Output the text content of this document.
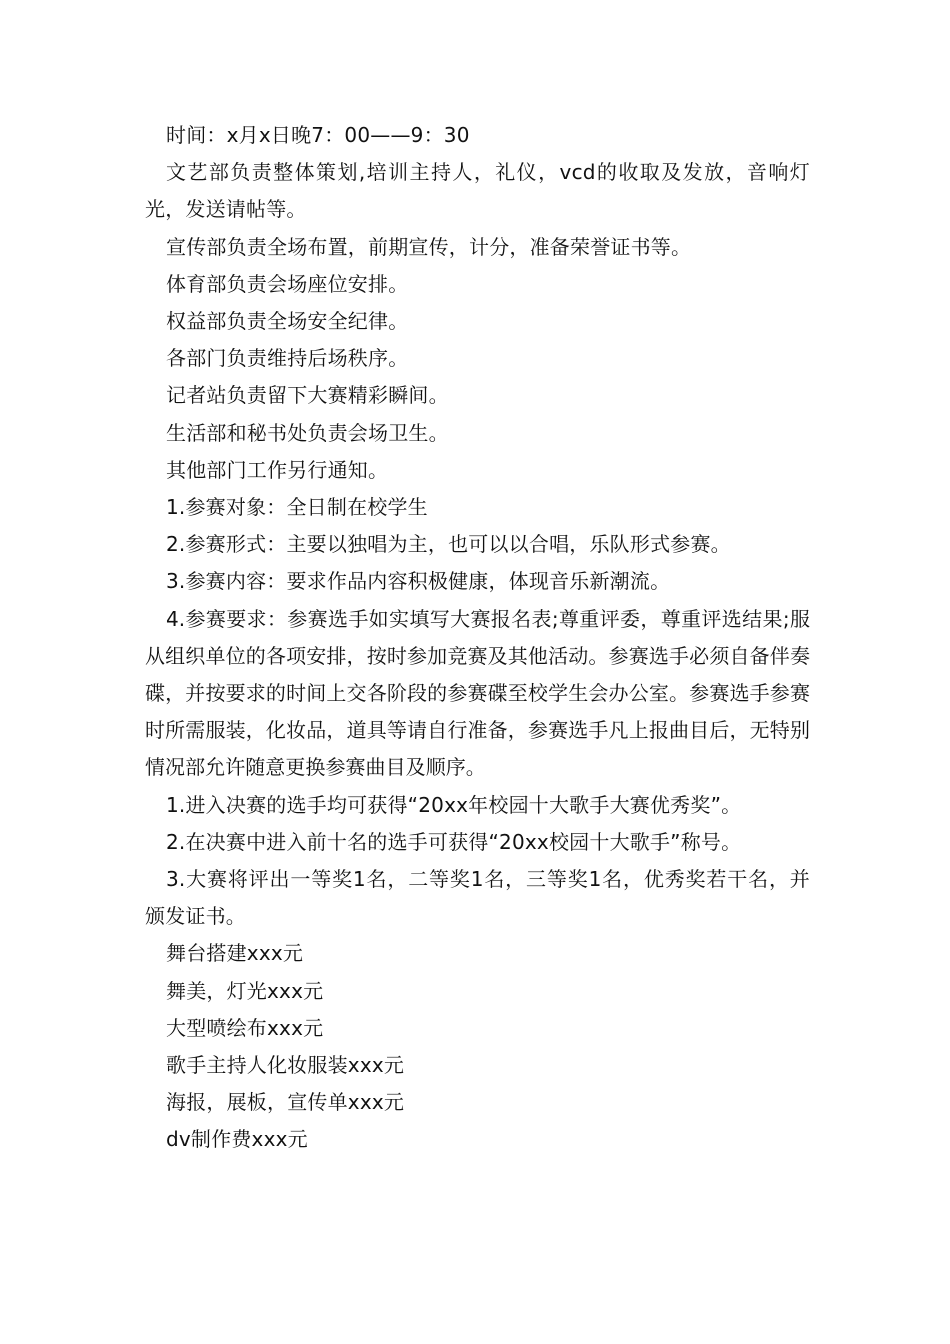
时间：x月x日晚7：00——9：30

文艺部负责整体策划,培训主持人，礼仪，vcd的收取及发放，音响灯光，发送请帖等。

宣传部负责全场布置，前期宣传，计分，准备荣誉证书等。

体育部负责会场座位安排。

权益部负责全场安全纪律。

各部门负责维持后场秩序。

记者站负责留下大赛精彩瞬间。

生活部和秘书处负责会场卫生。

其他部门工作另行通知。

1.参赛对象：全日制在校学生

2.参赛形式：主要以独唱为主，也可以以合唱，乐队形式参赛。

3.参赛内容：要求作品内容积极健康，体现音乐新潮流。

4.参赛要求：参赛选手如实填写大赛报名表;尊重评委，尊重评选结果;服从组织单位的各项安排，按时参加竞赛及其他活动。参赛选手必须自备伴奏碟，并按要求的时间上交各阶段的参赛碟至校学生会办公室。参赛选手参赛时所需服装，化妆品，道具等请自行准备，参赛选手凡上报曲目后，无特别情况部允许随意更换参赛曲目及顺序。

1.进入决赛的选手均可获得“20xx年校园十大歌手大赛优秀奖”。

2.在决赛中进入前十名的选手可获得“20xx校园十大歌手”称号。

3.大赛将评出一等奖1名，二等奖1名，三等奖1名，优秀奖若干名，并颁发证书。

舞台搭建xxx元

舞美，灯光xxx元

大型喷绘布xxx元

歌手主持人化妆服装xxx元

海报，展板，宣传单xxx元

dv制作费xxx元
